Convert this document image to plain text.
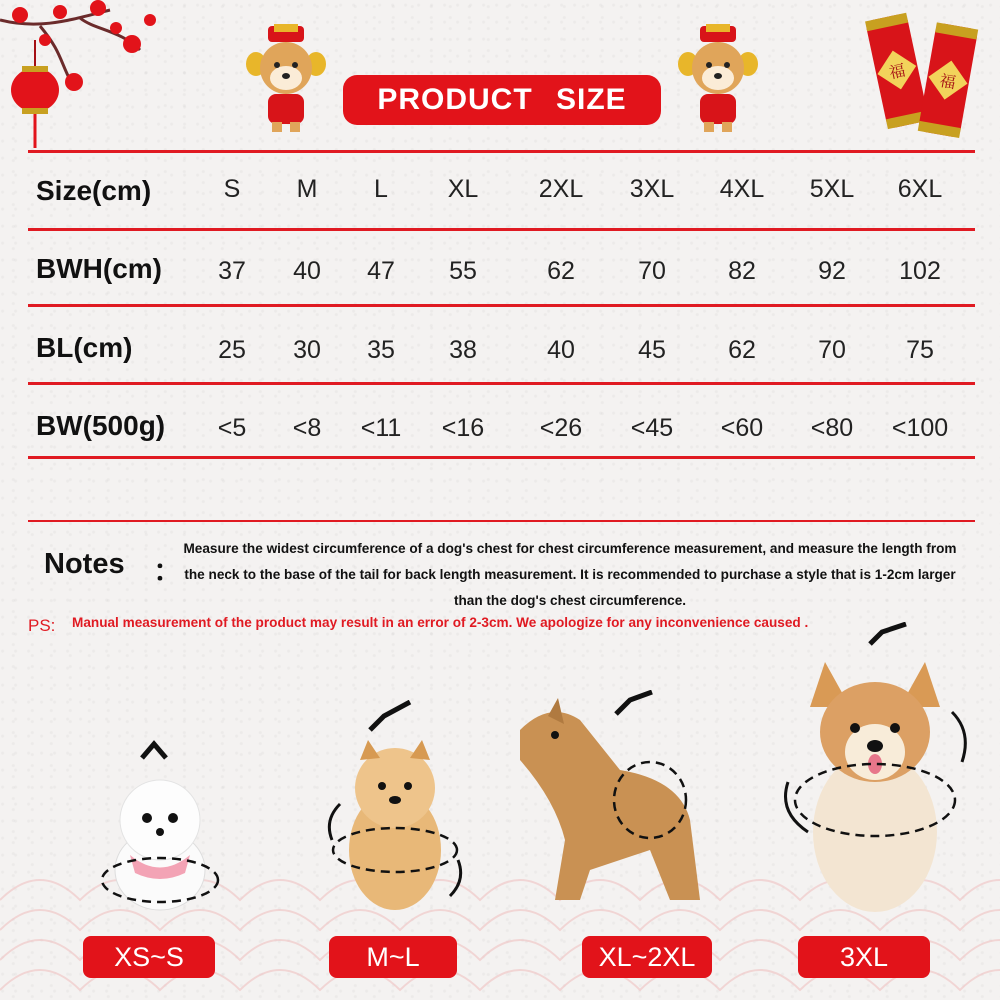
福 福
PRODUCT SIZE
Size(cm)	S	M	L	XL	2XL	3XL	4XL	5XL	6XL
BWH(cm)	37	40	47	55	62	70	82	92	102
BL(cm)	25	30	35	38	40	45	62	70	75
BW(500g)	<5	<8	<11	<16	<26	<45	<60	<80	<100
Notes ：
Measure the widest circumference of a dog's chest for chest circumference measurement, and measure the length from the neck to the base of the tail for back length measurement. It is recommended to purchase a style that is 1-2cm larger than the dog's chest circumference.
PS: Manual measurement of the product may result in an error of 2-3cm. We apologize for any inconvenience caused .
XS~S	M~L	XL~2XL	3XL
